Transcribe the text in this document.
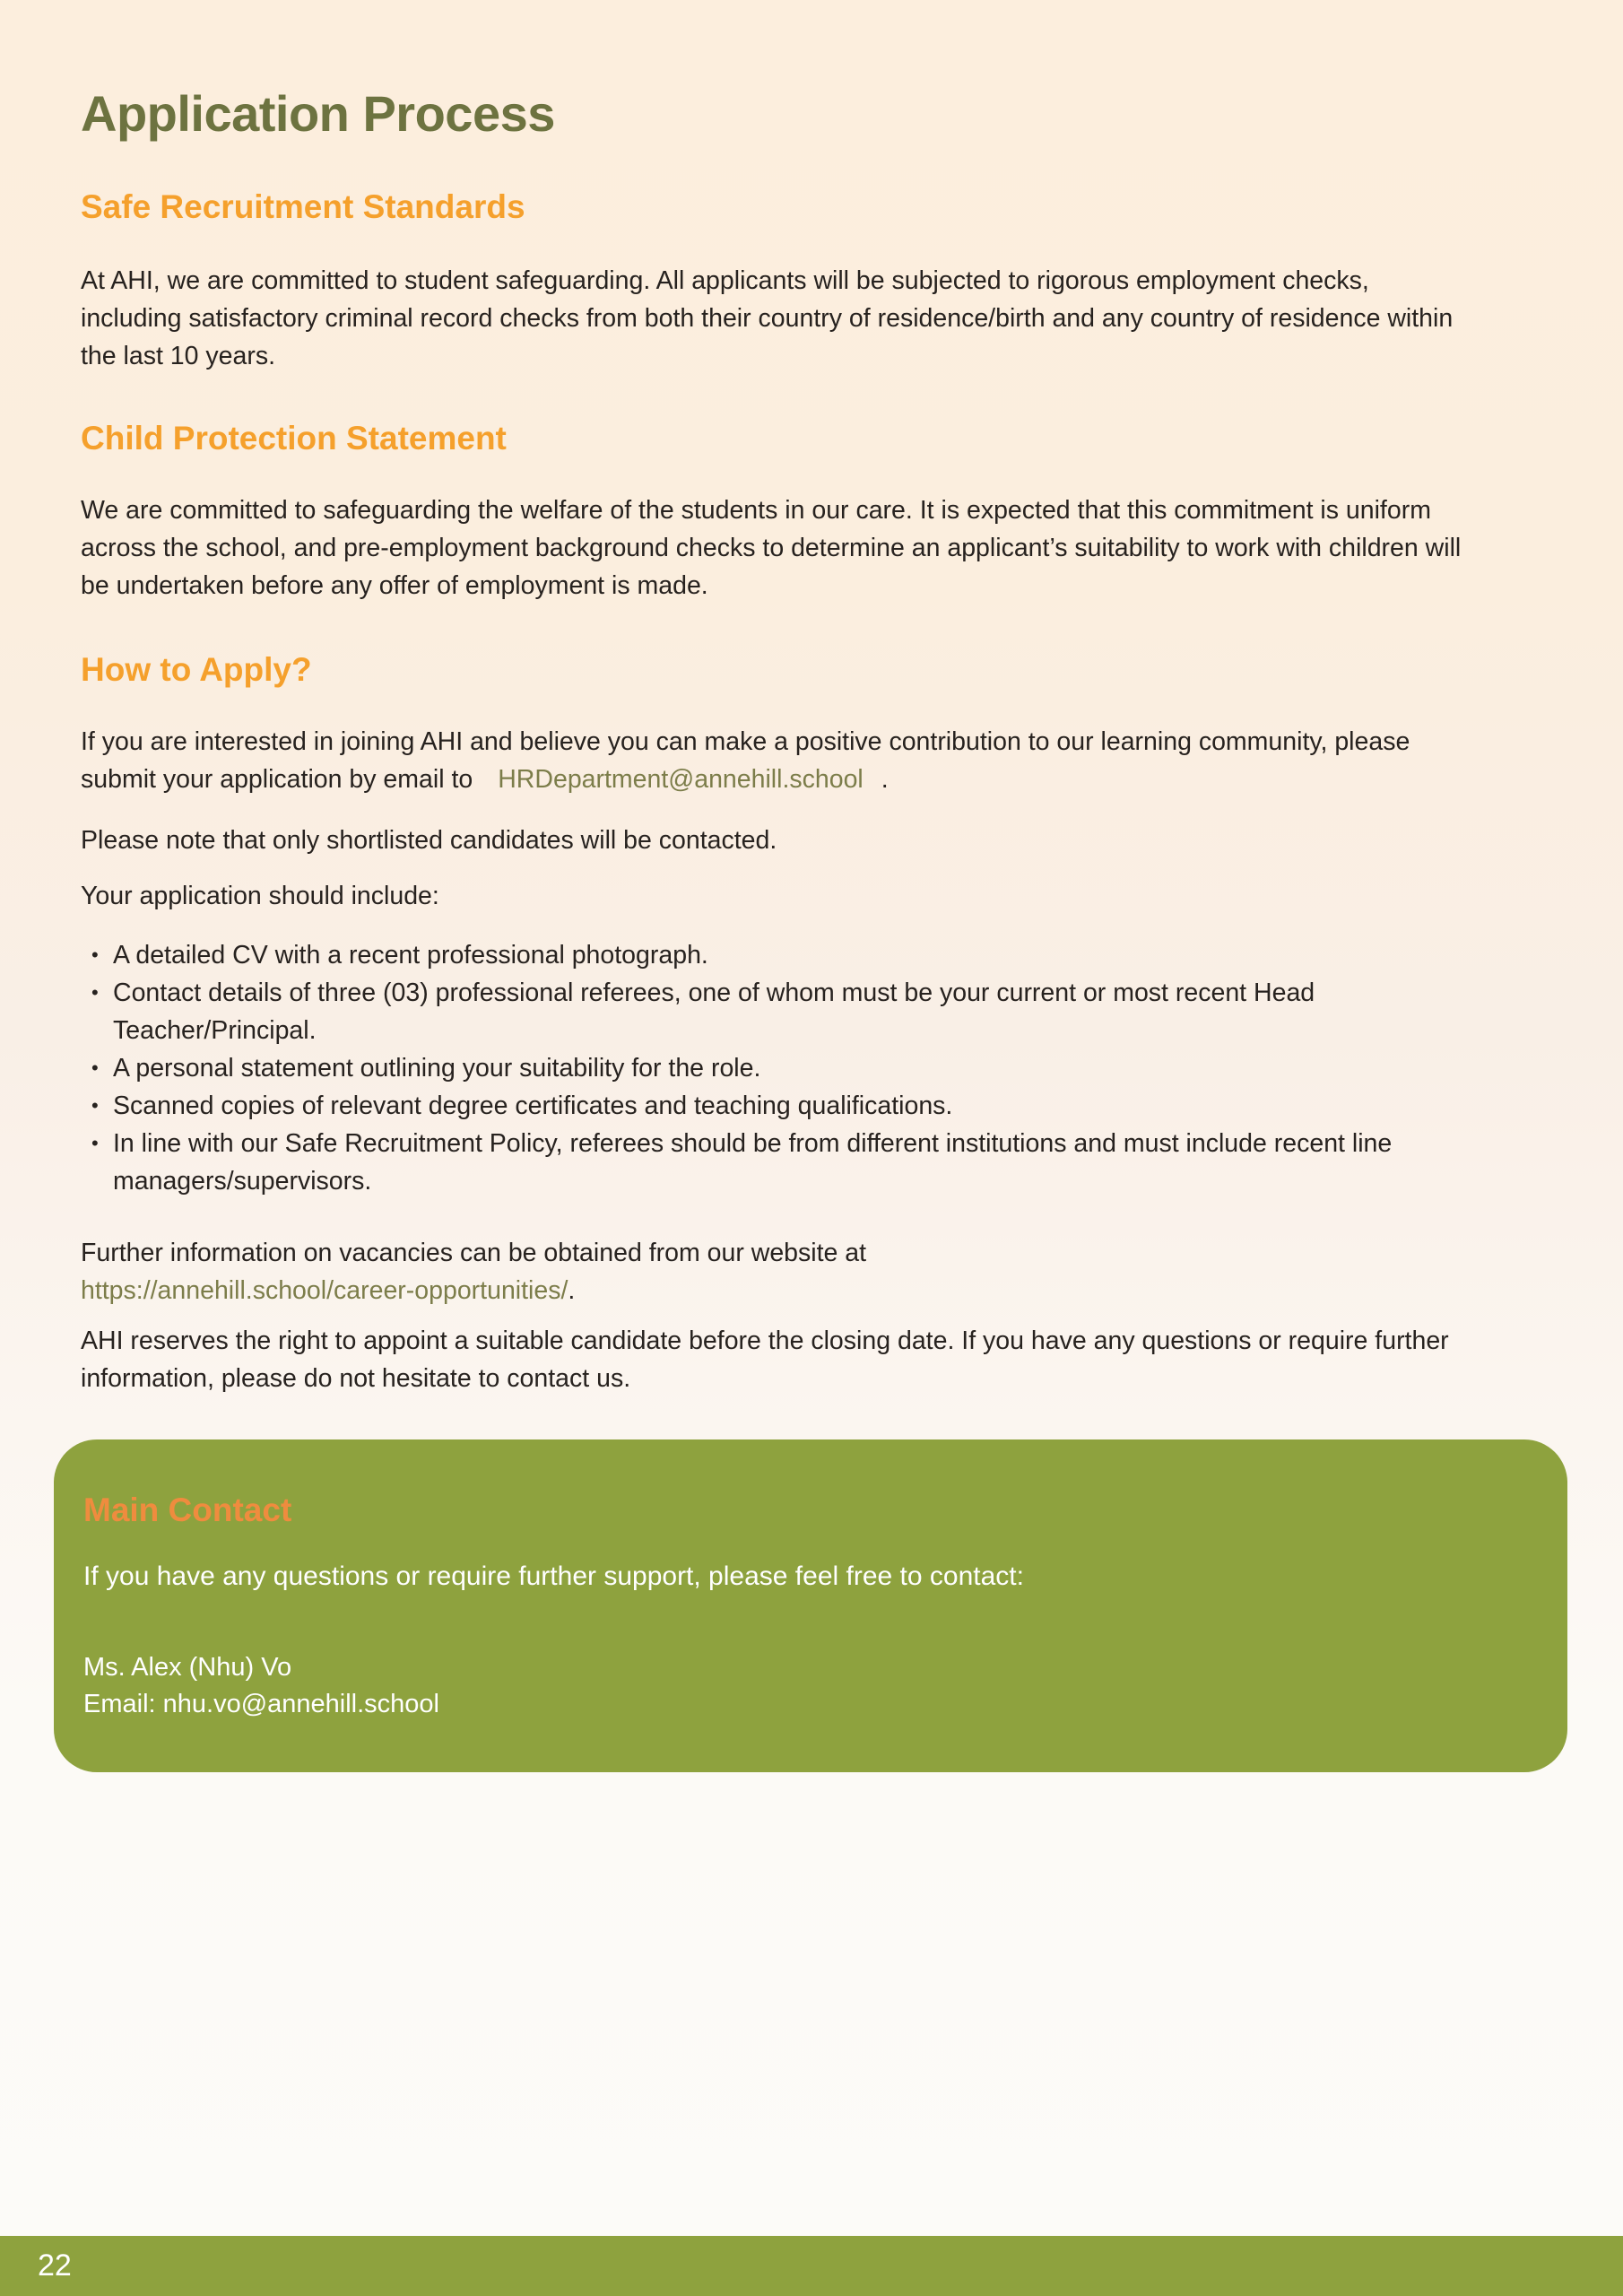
Application Process
Safe Recruitment Standards

At AHI, we are committed to student safeguarding. All applicants will be subjected to rigorous employment checks, including satisfactory criminal record checks from both their country of residence/birth and any country of residence within the last 10 years.

Child Protection Statement

We are committed to safeguarding the welfare of the students in our care. It is expected that this commitment is uniform across the school, and pre-employment background checks to determine an applicant’s suitability to work with children will be undertaken before any offer of employment is made.

How to Apply?

If you are interested in joining AHI and believe you can make a positive contribution to our learning community, please submit your application by email to HRDepartment@annehill.school .

Please note that only shortlisted candidates will be contacted.

Your application should include:

• A detailed CV with a recent professional photograph.
• Contact details of three (03) professional referees, one of whom must be your current or most recent Head Teacher/Principal.
• A personal statement outlining your suitability for the role.
• Scanned copies of relevant degree certificates and teaching qualifications.
• In line with our Safe Recruitment Policy, referees should be from different institutions and must include recent line managers/supervisors.

Further information on vacancies can be obtained from our website at
https://annehill.school/career-opportunities/.

AHI reserves the right to appoint a suitable candidate before the closing date. If you have any questions or require further information, please do not hesitate to contact us.

Main Contact

If you have any questions or require further support, please feel free to contact:

Ms. Alex (Nhu) Vo
Email: nhu.vo@annehill.school
22
